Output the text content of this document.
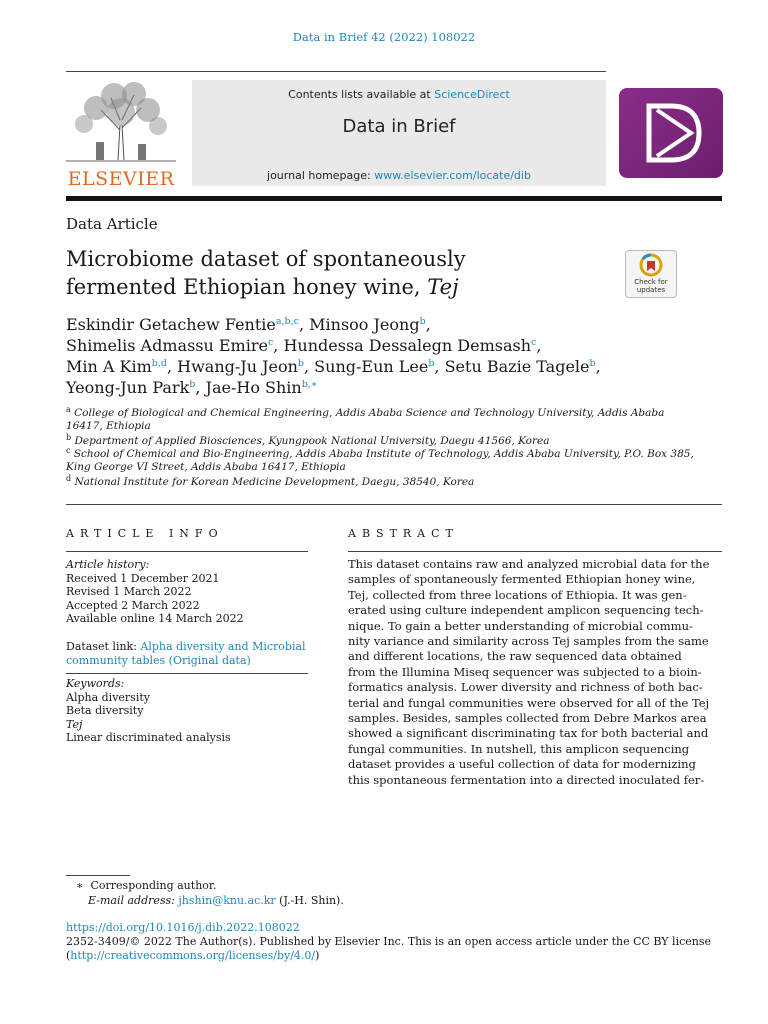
Data in Brief 42 (2022) 108022
ELSEVIER
Contents lists available at ScienceDirect
Data in Brief
journal homepage: www.elsevier.com/locate/dib
Data Article
Microbiome dataset of spontaneously
fermented Ethiopian honey wine, Tej	Check for updates
Eskindir Getachew Fentie$^{a,b,c}$, Minsoo Jeong$^b$,
Shimelis Admassu Emire$^c$, Hundessa Dessalegn Demsash$^c$,
Min A Kim$^{b,d}$, Hwang-Ju Jeon$^b$, Sung-Eun Lee$^b$, Setu Bazie Tagele$^b$,
Yeong-Jun Park$^b$, Jae-Ho Shin$^{b,∗}$
$^a$ College of Biological and Chemical Engineering, Addis Ababa Science and Technology University, Addis Ababa
16417, Ethiopia
$^b$ Department of Applied Biosciences, Kyungpook National University, Daegu 41566, Korea
$^c$ School of Chemical and Bio-Engineering, Addis Ababa Institute of Technology, Addis Ababa University, P.O. Box 385,
King George VI Street, Addis Ababa 16417, Ethiopia
$^d$ National Institute for Korean Medicine Development, Daegu, 38540, Korea
ARTICLE INFO
Article history:
Received 1 December 2021
Revised 1 March 2022
Accepted 2 March 2022
Available online 14 March 2022
Dataset link: Alpha diversity and Microbial
community tables (Original data)
Keywords:
Alpha diversity
Beta diversity
Tej
Linear discriminated analysis
ABSTRACT
This dataset contains raw and analyzed microbial data for the
samples of spontaneously fermented Ethiopian honey wine,
Tej, collected from three locations of Ethiopia. It was gen-
erated using culture independent amplicon sequencing tech-
nique. To gain a better understanding of microbial commu-
nity variance and similarity across Tej samples from the same
and different locations, the raw sequenced data obtained
from the Illumina Miseq sequencer was subjected to a bioin-
formatics analysis. Lower diversity and richness of both bac-
terial and fungal communities were observed for all of the Tej
samples. Besides, samples collected from Debre Markos area
showed a significant discriminating tax for both bacterial and
fungal communities. In nutshell, this amplicon sequencing
dataset provides a useful collection of data for modernizing
this spontaneous fermentation into a directed inoculated fer-
∗ Corresponding author.
E-mail address: jhshin@knu.ac.kr (J.-H. Shin).
https://doi.org/10.1016/j.dib.2022.108022
2352-3409/© 2022 The Author(s). Published by Elsevier Inc. This is an open access article under the CC BY license
(http://creativecommons.org/licenses/by/4.0/)
